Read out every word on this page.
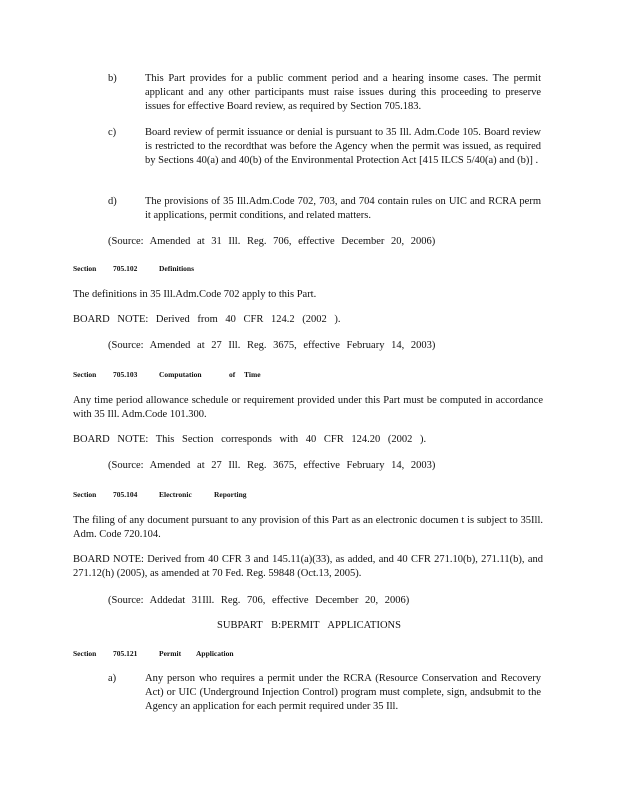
b)	This Part provides for a public comment period and a hearing insome cases. The permit applicant and any other participants must raise issues during this proceeding to preserve issues for effective Board review, as required by Section 705.183.
c)	Board review of permit issuance or denial is pursuant to 35 Ill. Adm.Code 105. Board review is restricted to the recordthat was before the Agency when the permit was issued, as required by Sections 40(a) and 40(b) of the Environmental Protection Act [415 ILCS 5/40(a) and (b)] .
d)	The provisions of 35 Ill.Adm.Code 702, 703, and 704 contain rules on UIC and RCRA perm it applications, permit conditions, and related matters.
(Source: Amended at 31 Ill. Reg. 706, effective December 20, 2006)
Section 705.102	Definitions
The definitions in 35 Ill.Adm.Code 702 apply to this Part.
BOARD NOTE: Derived from 40 CFR 124.2 (2002 ).
(Source: Amended at 27 Ill. Reg. 3675, effective February 14, 2003)
Section 705.103	Computation	of Time
Any time period allowance schedule or requirement provided under this Part must be computed in accordance with 35 Ill. Adm.Code 101.300.
BOARD NOTE: This Section corresponds with 40 CFR 124.20 (2002 ).
(Source: Amended at 27 Ill. Reg. 3675, effective February 14, 2003)
Section 705.104	Electronic	Reporting
The filing of any document pursuant to any provision of this Part as an electronic documen t is subject to 35Ill. Adm. Code 720.104.
BOARD NOTE: Derived from 40 CFR 3 and 145.11(a)(33), as added, and 40 CFR 271.10(b), 271.11(b), and 271.12(h) (2005), as amended at 70 Fed. Reg. 59848 (Oct.13, 2005).
(Source: Addedat 31Ill. Reg. 706, effective December 20, 2006)
SUBPART B:PERMIT APPLICATIONS
Section 705.121	Permit Application
a)	Any person who requires a permit under the RCRA (Resource Conservation and Recovery Act) or UIC (Underground Injection Control) program must complete, sign, andsubmit to the Agency an application for each permit required under 35 Ill.
